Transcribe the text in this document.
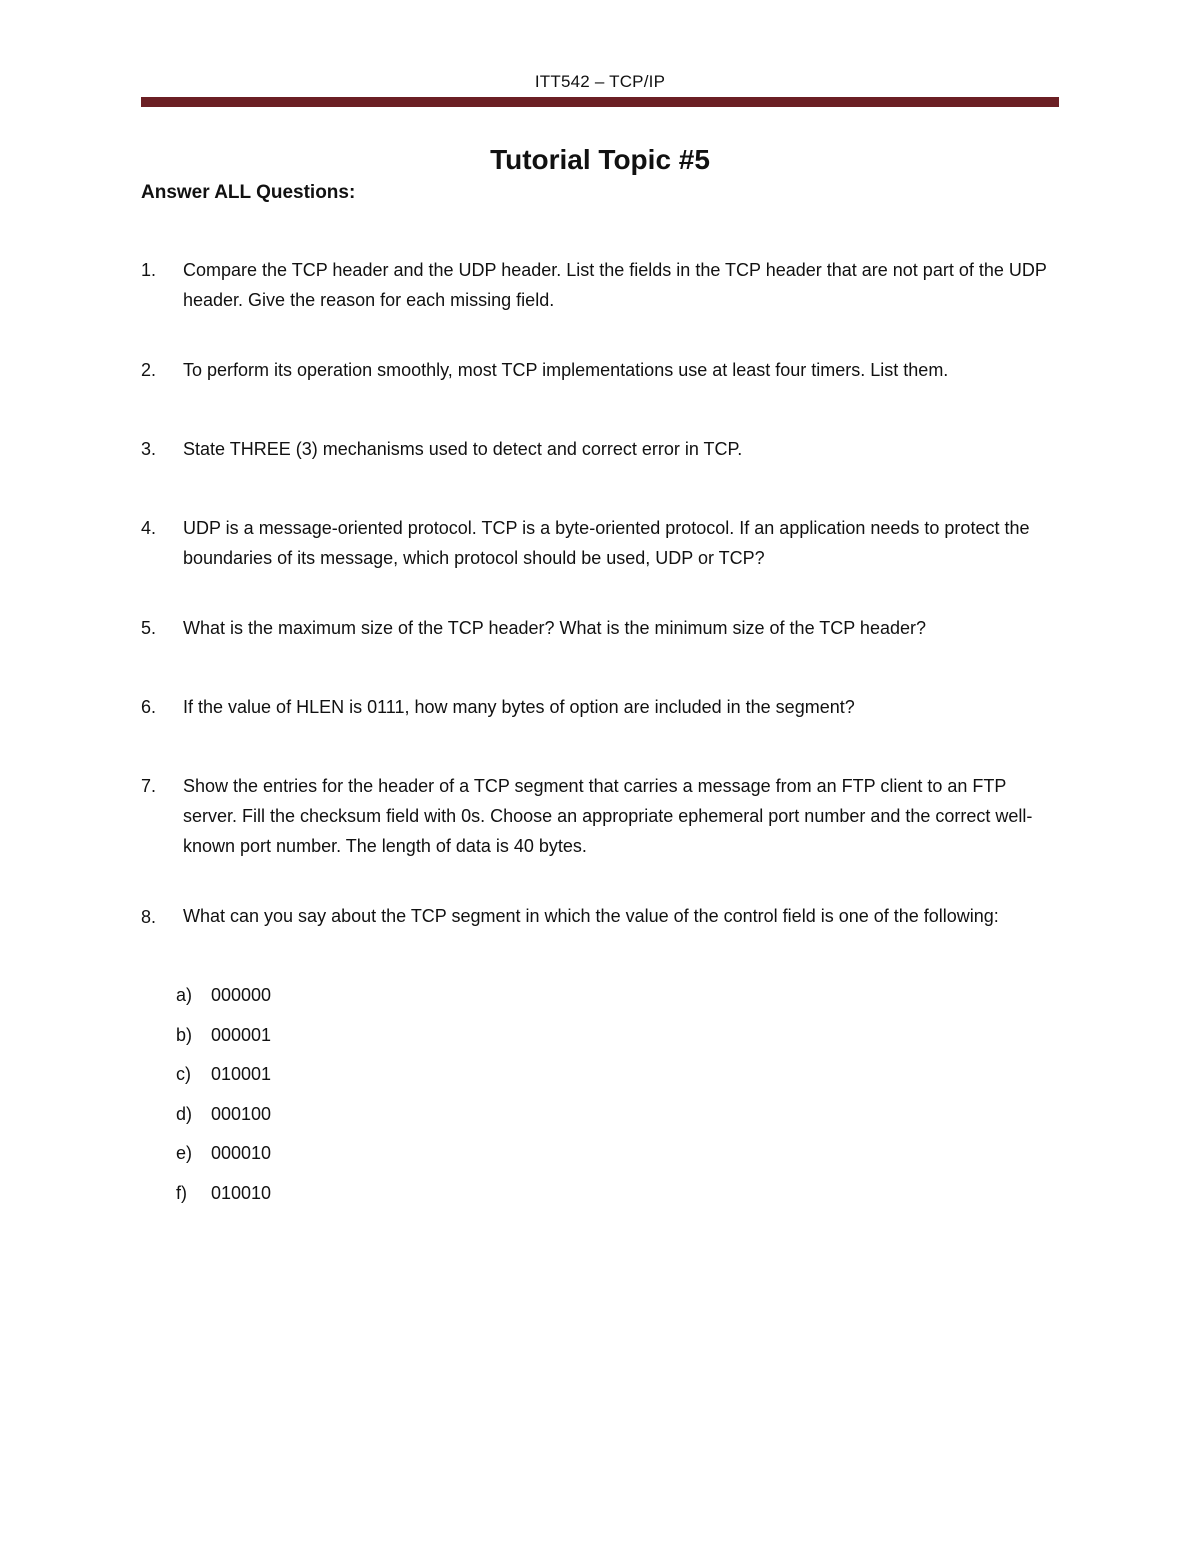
ITT542 – TCP/IP
Tutorial Topic #5
Answer ALL Questions:
1. Compare the TCP header and the UDP header. List the fields in the TCP header that are not part of the UDP header. Give the reason for each missing field.
2. To perform its operation smoothly, most TCP implementations use at least four timers. List them.
3. State THREE (3) mechanisms used to detect and correct error in TCP.
4. UDP is a message-oriented protocol. TCP is a byte-oriented protocol. If an application needs to protect the boundaries of its message, which protocol should be used, UDP or TCP?
5. What is the maximum size of the TCP header? What is the minimum size of the TCP header?
6. If the value of HLEN is 0111, how many bytes of option are included in the segment?
7. Show the entries for the header of a TCP segment that carries a message from an FTP client to an FTP server. Fill the checksum field with 0s. Choose an appropriate ephemeral port number and the correct well-known port number. The length of data is 40 bytes.
8. What can you say about the TCP segment in which the value of the control field is one of the following:
a) 000000
b) 000001
c) 010001
d) 000100
e) 000010
f) 010010
